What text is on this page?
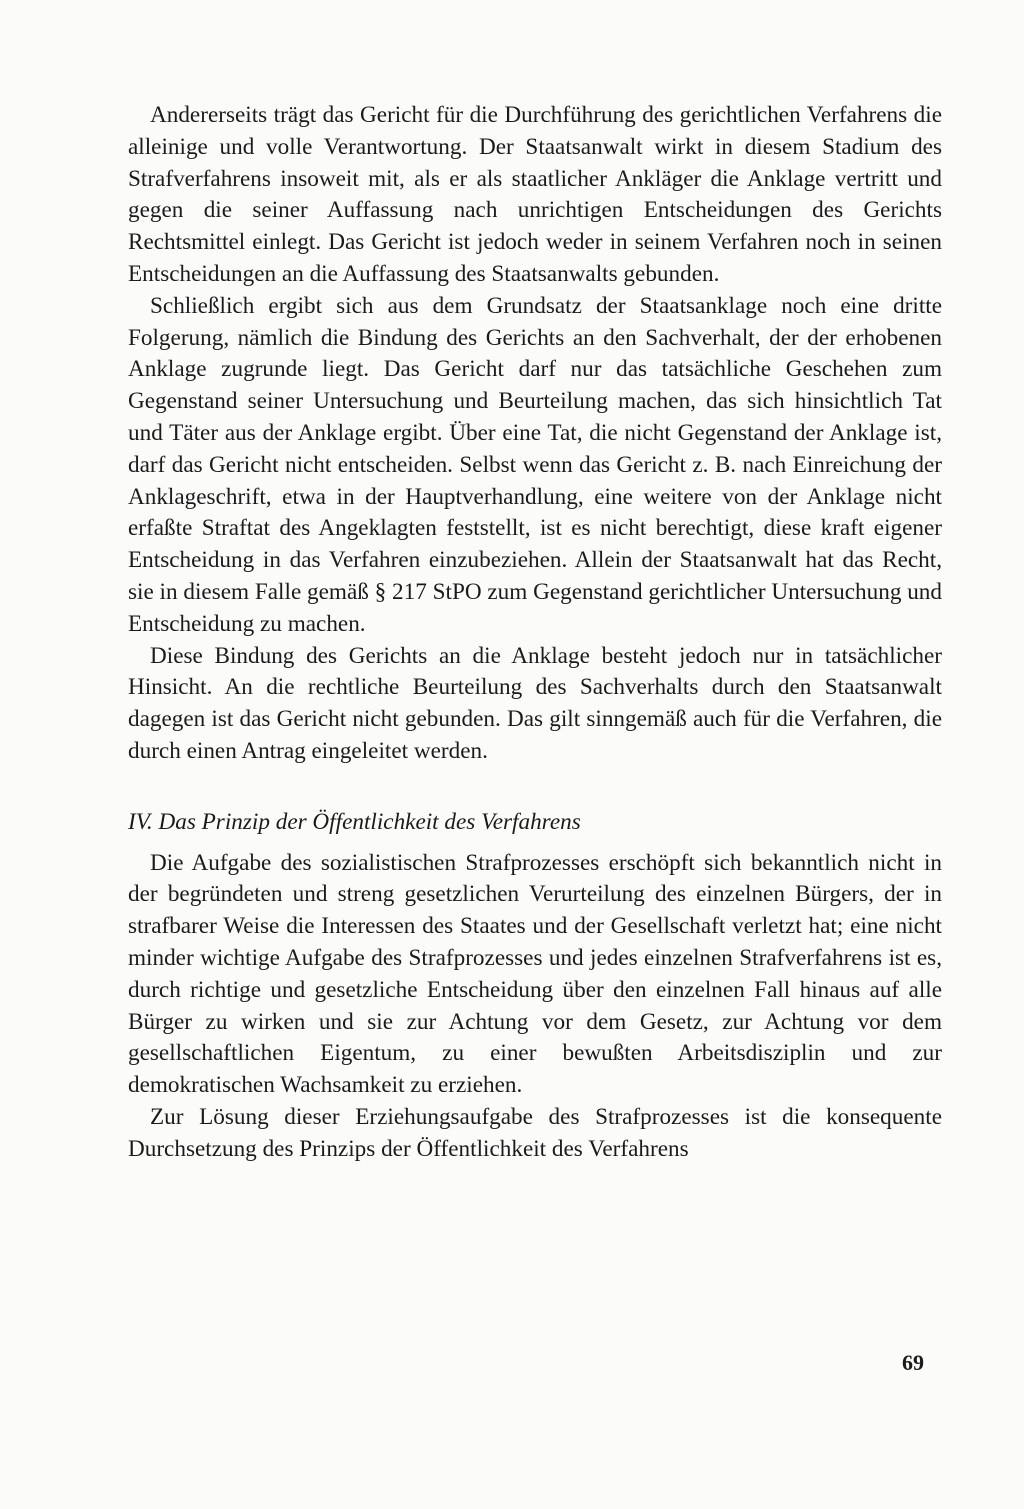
Andererseits trägt das Gericht für die Durchführung des gerichtlichen Verfahrens die alleinige und volle Verantwortung. Der Staatsanwalt wirkt in diesem Stadium des Strafverfahrens insoweit mit, als er als staatlicher Ankläger die Anklage vertritt und gegen die seiner Auffassung nach unrichtigen Entscheidungen des Gerichts Rechtsmittel einlegt. Das Gericht ist jedoch weder in seinem Verfahren noch in seinen Entscheidungen an die Auffassung des Staatsanwalts gebunden.

Schließlich ergibt sich aus dem Grundsatz der Staatsanklage noch eine dritte Folgerung, nämlich die Bindung des Gerichts an den Sachverhalt, der der erhobenen Anklage zugrunde liegt. Das Gericht darf nur das tatsächliche Geschehen zum Gegenstand seiner Untersuchung und Beurteilung machen, das sich hinsichtlich Tat und Täter aus der Anklage ergibt. Über eine Tat, die nicht Gegenstand der Anklage ist, darf das Gericht nicht entscheiden. Selbst wenn das Gericht z. B. nach Einreichung der Anklageschrift, etwa in der Hauptverhandlung, eine weitere von der Anklage nicht erfaßte Straftat des Angeklagten feststellt, ist es nicht berechtigt, diese kraft eigener Entscheidung in das Verfahren einzubeziehen. Allein der Staatsanwalt hat das Recht, sie in diesem Falle gemäß § 217 StPO zum Gegenstand gerichtlicher Untersuchung und Entscheidung zu machen.

Diese Bindung des Gerichts an die Anklage besteht jedoch nur in tatsächlicher Hinsicht. An die rechtliche Beurteilung des Sachverhalts durch den Staatsanwalt dagegen ist das Gericht nicht gebunden. Das gilt sinngemäß auch für die Verfahren, die durch einen Antrag eingeleitet werden.

IV. Das Prinzip der Öffentlichkeit des Verfahrens

Die Aufgabe des sozialistischen Strafprozesses erschöpft sich bekanntlich nicht in der begründeten und streng gesetzlichen Verurteilung des einzelnen Bürgers, der in strafbarer Weise die Interessen des Staates und der Gesellschaft verletzt hat; eine nicht minder wichtige Aufgabe des Strafprozesses und jedes einzelnen Strafverfahrens ist es, durch richtige und gesetzliche Entscheidung über den einzelnen Fall hinaus auf alle Bürger zu wirken und sie zur Achtung vor dem Gesetz, zur Achtung vor dem gesellschaftlichen Eigentum, zu einer bewußten Arbeitsdisziplin und zur demokratischen Wachsamkeit zu erziehen.

Zur Lösung dieser Erziehungsaufgabe des Strafprozesses ist die konsequente Durchsetzung des Prinzips der Öffentlichkeit des Verfahrens

69
